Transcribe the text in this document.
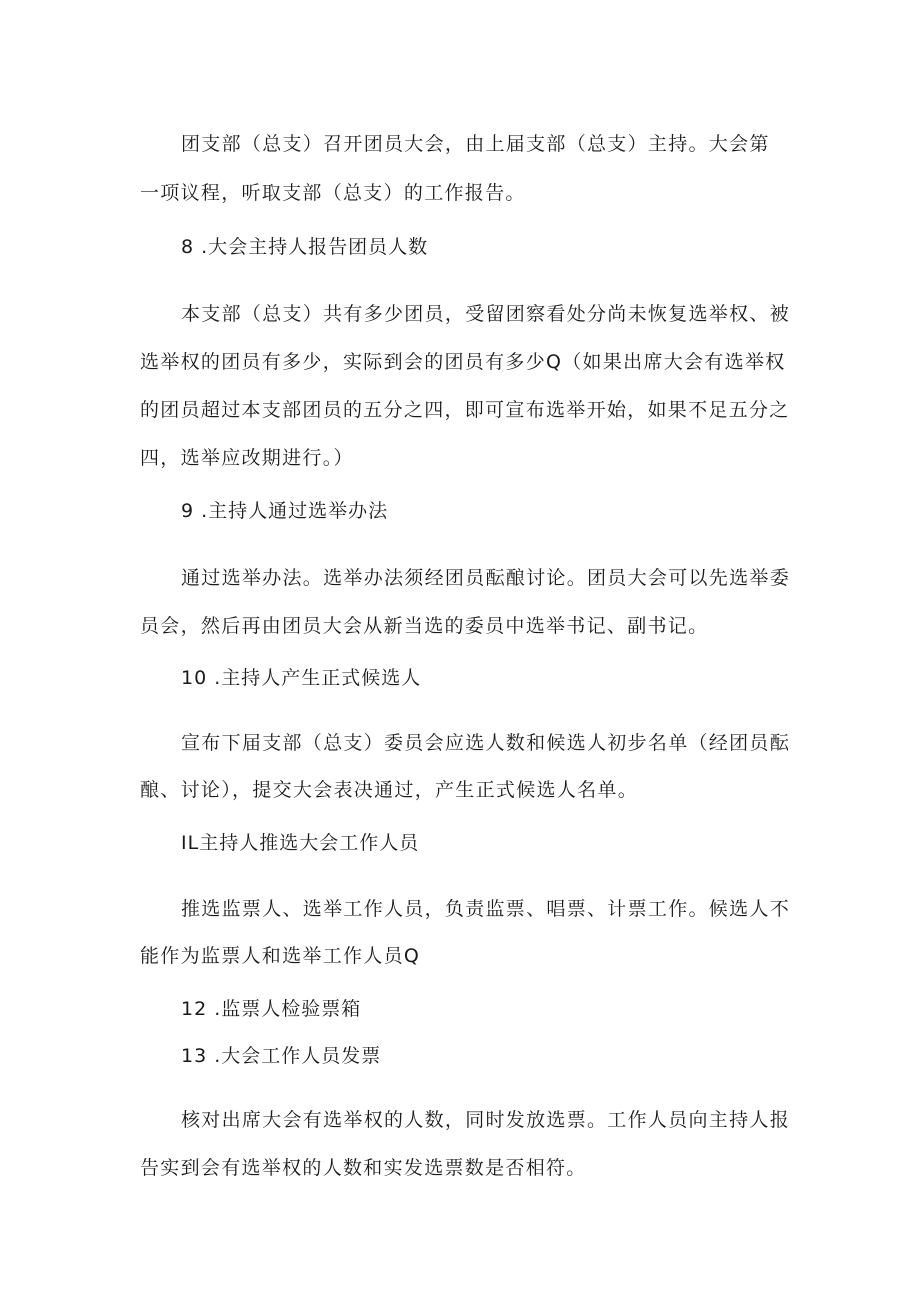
团支部（总支）召开团员大会，由上届支部（总支）主持。大会第
一项议程，听取支部（总支）的工作报告。
8 .大会主持人报告团员人数
本支部（总支）共有多少团员，受留团察看处分尚未恢复选举权、被
选举权的团员有多少，实际到会的团员有多少Q（如果出席大会有选举权
的团员超过本支部团员的五分之四，即可宣布选举开始，如果不足五分之
四，选举应改期进行。）
9 .主持人通过选举办法
通过选举办法。选举办法须经团员酝酿讨论。团员大会可以先选举委
员会，然后再由团员大会从新当选的委员中选举书记、副书记。
10 .主持人产生正式候选人
宣布下届支部（总支）委员会应选人数和候选人初步名单（经团员酝
酿、讨论），提交大会表决通过，产生正式候选人名单。
IL主持人推选大会工作人员
推选监票人、选举工作人员，负责监票、唱票、计票工作。候选人不
能作为监票人和选举工作人员Q
12 .监票人检验票箱
13 .大会工作人员发票
核对出席大会有选举权的人数，同时发放选票。工作人员向主持人报
告实到会有选举权的人数和实发选票数是否相符。
